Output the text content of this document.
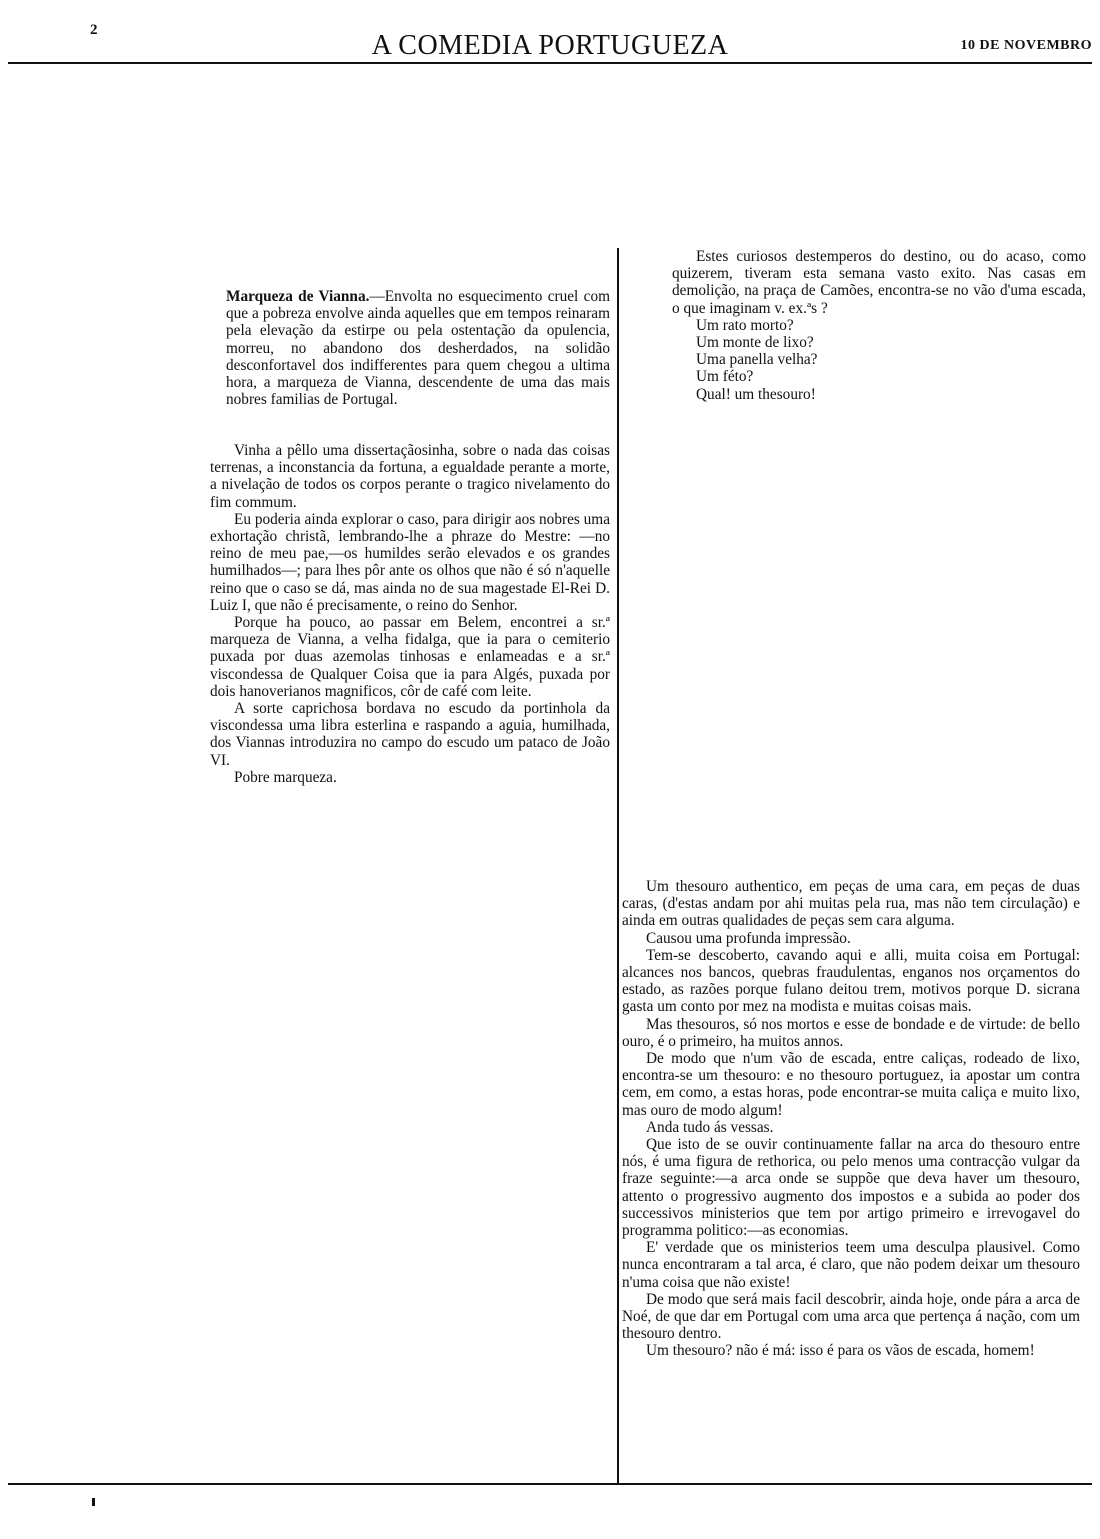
2	A COMEDIA PORTUGUEZA	10 DE NOVEMBRO

Marqueza de Vianna.—Envolta no esquecimento cruel com que a pobreza envolve ainda aquelles que em tempos reinaram pela elevação da estirpe ou pela ostentação da opulencia, morreu, no abandono dos desherdados, na solidão desconfortavel dos indifferentes para quem chegou a ultima hora, a marqueza de Vianna, descendente de uma das mais nobres familias de Portugal.

Vinha a pêllo uma dissertaçãosinha, sobre o nada das coisas terrenas, a inconstancia da fortuna, a egualdade perante a morte, a nivelação de todos os corpos perante o tragico nivelamento do fim commum.

Eu poderia ainda explorar o caso, para dirigir aos nobres uma exhortação christã, lembrando-lhe a phraze do Mestre: —no reino de meu pae,—os humildes serão elevados e os grandes humilhados—; para lhes pôr ante os olhos que não é só n'aquelle reino que o caso se dá, mas ainda no de sua magestade El-Rei D. Luiz I, que não é precisamente, o reino do Senhor.

Porque ha pouco, ao passar em Belem, encontrei a sr.ª marqueza de Vianna, a velha fidalga, que ia para o cemiterio puxada por duas azemolas tinhosas e enlameadas e a sr.ª viscondessa de Qualquer Coisa que ia para Algés, puxada por dois hanoverianos magnificos, côr de café com leite.

A sorte caprichosa bordava no escudo da portinhola da viscondessa uma libra esterlina e raspando a aguia, humilhada, dos Viannas introduzira no campo do escudo um pataco de João VI.

Pobre marqueza.

Estes curiosos destemperos do destino, ou do acaso, como quizerem, tiveram esta semana vasto exito. Nas casas em demolição, na praça de Camões, encontra-se no vão d'uma escada, o que imaginam v. ex.ªs ?

Um rato morto?
Um monte de lixo?
Uma panella velha?
Um féto?
Qual! um thesouro!

Um thesouro authentico, em peças de uma cara, em peças de duas caras, (d'estas andam por ahi muitas pela rua, mas não tem circulação) e ainda em outras qualidades de peças sem cara alguma.

Causou uma profunda impressão.

Tem-se descoberto, cavando aqui e alli, muita coisa em Portugal: alcances nos bancos, quebras fraudulentas, enganos nos orçamentos do estado, as razões porque fulano deitou trem, motivos porque D. sicrana gasta um conto por mez na modista e muitas coisas mais.

Mas thesouros, só nos mortos e esse de bondade e de virtude: de bello ouro, é o primeiro, ha muitos annos.

De modo que n'um vão de escada, entre caliças, rodeado de lixo, encontra-se um thesouro: e no thesouro portuguez, ia apostar um contra cem, em como, a estas horas, pode encontrar-se muita caliça e muito lixo, mas ouro de modo algum!

Anda tudo ás vessas.

Que isto de se ouvir continuamente fallar na arca do thesouro entre nós, é uma figura de rethorica, ou pelo menos uma contracção vulgar da fraze seguinte:—a arca onde se suppõe que deva haver um thesouro, attento o progressivo augmento dos impostos e a subida ao poder dos successivos ministerios que tem por artigo primeiro e irrevogavel do programma politico:—as economias.

E' verdade que os ministerios teem uma desculpa plausivel. Como nunca encontraram a tal arca, é claro, que não podem deixar um thesouro n'uma coisa que não existe!

De modo que será mais facil descobrir, ainda hoje, onde pára a arca de Noé, de que dar em Portugal com uma arca que pertença á nação, com um thesouro dentro.

Um thesouro? não é má: isso é para os vãos de escada, homem!
